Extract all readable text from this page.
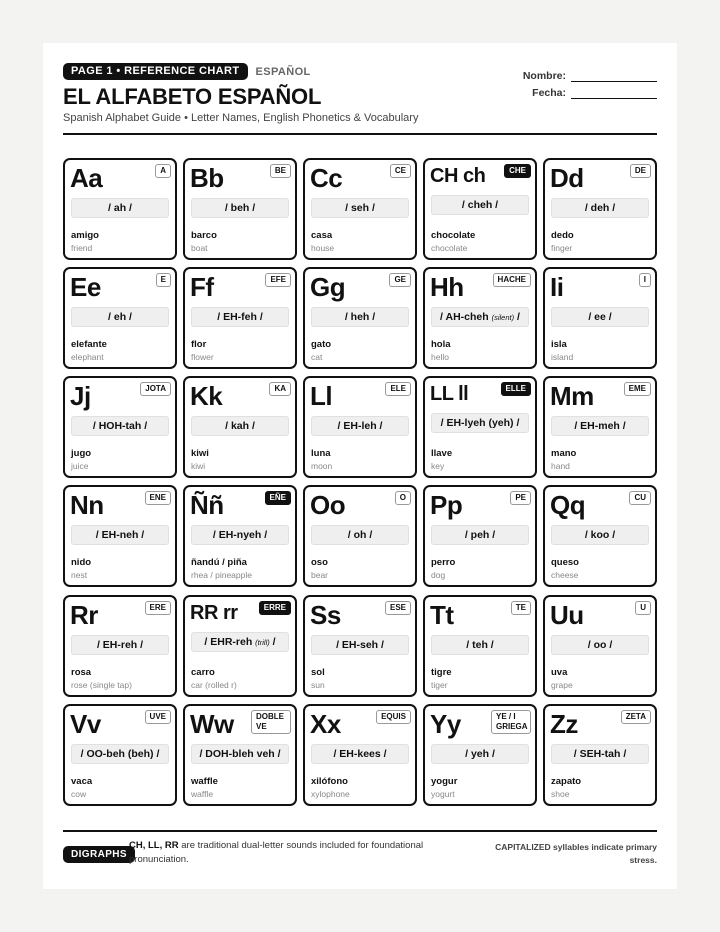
PAGE 1 • REFERENCE CHART	ESPAÑOL
EL ALFABETO ESPAÑOL
Spanish Alphabet Guide • Letter Names, English Phonetics & Vocabulary
Nombre:
Fecha:
Aa	A
/ ah /
amigo
friend
Bb	BE
/ beh /
barco
boat
Cc	CE
/ seh /
casa
house
CH ch	CHE
/ cheh /
chocolate
chocolate
Dd	DE
/ deh /
dedo
finger
Ee	E
/ eh /
elefante
elephant
Ff	EFE
/ EH-feh /
flor
flower
Gg	GE
/ heh /
gato
cat
Hh	HACHE
/ AH-cheh (silent) /
hola
hello
Ii	I
/ ee /
isla
island
Jj	JOTA
/ HOH-tah /
jugo
juice
Kk	KA
/ kah /
kiwi
kiwi
Ll	ELE
/ EH-leh /
luna
moon
LL ll	ELLE
/ EH-lyeh (yeh) /
llave
key
Mm	EME
/ EH-meh /
mano
hand
Nn	ENE
/ EH-neh /
nido
nest
Ññ	EÑE
/ EH-nyeh /
ñandú / piña
rhea / pineapple
Oo	O
/ oh /
oso
bear
Pp	PE
/ peh /
perro
dog
Qq	CU
/ koo /
queso
cheese
Rr	ERE
/ EH-reh /
rosa
rose (single tap)
RR rr	ERRE
/ EHR-reh (trill) /
carro
car (rolled r)
Ss	ESE
/ EH-seh /
sol
sun
Tt	TE
/ teh /
tigre
tiger
Uu	U
/ oo /
uva
grape
Vv	UVE
/ OO-beh (beh) /
vaca
cow
Ww	DOBLE VE
/ DOH-bleh veh /
waffle
waffle
Xx	EQUIS
/ EH-kees /
xilófono
xylophone
Yy	YE / I GRIEGA
/ yeh /
yogur
yogurt
Zz	ZETA
/ SEH-tah /
zapato
shoe
DIGRAPHS
CH, LL, RR are traditional dual-letter sounds included for foundational pronunciation.
CAPITALIZED syllables indicate primary stress.
